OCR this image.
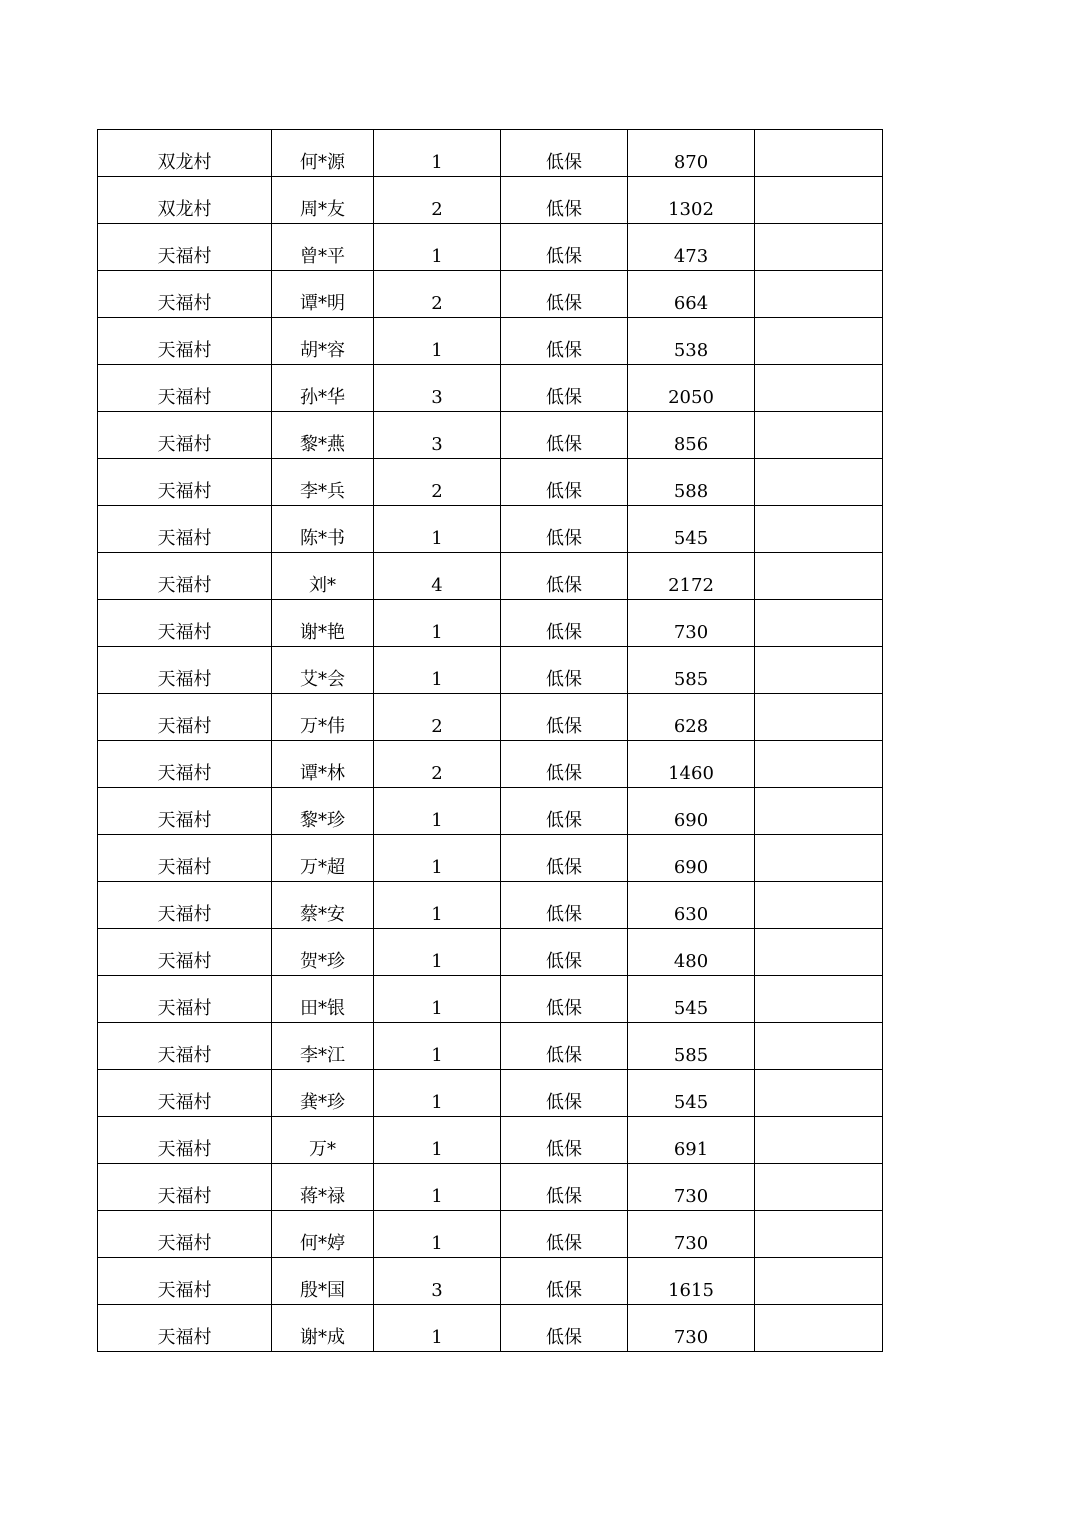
双龙村	何*源	1	低保	870	
双龙村	周*友	2	低保	1302	
天福村	曾*平	1	低保	473	
天福村	谭*明	2	低保	664	
天福村	胡*容	1	低保	538	
天福村	孙*华	3	低保	2050	
天福村	黎*燕	3	低保	856	
天福村	李*兵	2	低保	588	
天福村	陈*书	1	低保	545	
天福村	刘*	4	低保	2172	
天福村	谢*艳	1	低保	730	
天福村	艾*会	1	低保	585	
天福村	万*伟	2	低保	628	
天福村	谭*林	2	低保	1460	
天福村	黎*珍	1	低保	690	
天福村	万*超	1	低保	690	
天福村	蔡*安	1	低保	630	
天福村	贺*珍	1	低保	480	
天福村	田*银	1	低保	545	
天福村	李*江	1	低保	585	
天福村	龚*珍	1	低保	545	
天福村	万*	1	低保	691	
天福村	蒋*禄	1	低保	730	
天福村	何*婷	1	低保	730	
天福村	殷*国	3	低保	1615	
天福村	谢*成	1	低保	730	
